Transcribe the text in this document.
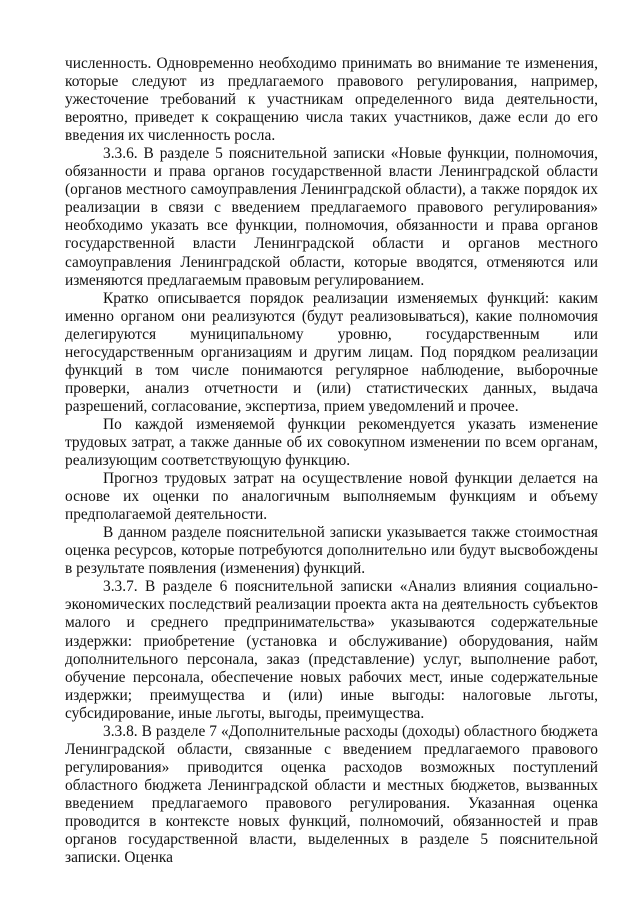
численность. Одновременно необходимо принимать во внимание те изменения, которые следуют из предлагаемого правового регулирования, например, ужесточение требований к участникам определенного вида деятельности, вероятно, приведет к сокращению числа таких участников, даже если до его введения их численность росла.

3.3.6. В разделе 5 пояснительной записки «Новые функции, полномочия, обязанности и права органов государственной власти Ленинградской области (органов местного самоуправления Ленинградской области), а также порядок их реализации в связи с введением предлагаемого правового регулирования» необходимо указать все функции, полномочия, обязанности и права органов государственной власти Ленинградской области и органов местного самоуправления Ленинградской области, которые вводятся, отменяются или изменяются предлагаемым правовым регулированием.

Кратко описывается порядок реализации изменяемых функций: каким именно органом они реализуются (будут реализовываться), какие полномочия делегируются муниципальному уровню, государственным или негосударственным организациям и другим лицам. Под порядком реализации функций в том числе понимаются регулярное наблюдение, выборочные проверки, анализ отчетности и (или) статистических данных, выдача разрешений, согласование, экспертиза, прием уведомлений и прочее.

По каждой изменяемой функции рекомендуется указать изменение трудовых затрат, а также данные об их совокупном изменении по всем органам, реализующим соответствующую функцию.

Прогноз трудовых затрат на осуществление новой функции делается на основе их оценки по аналогичным выполняемым функциям и объему предполагаемой деятельности.

В данном разделе пояснительной записки указывается также стоимостная оценка ресурсов, которые потребуются дополнительно или будут высвобождены в результате появления (изменения) функций.

3.3.7. В разделе 6 пояснительной записки «Анализ влияния социально-экономических последствий реализации проекта акта на деятельность субъектов малого и среднего предпринимательства» указываются содержательные издержки: приобретение (установка и обслуживание) оборудования, найм дополнительного персонала, заказ (представление) услуг, выполнение работ, обучение персонала, обеспечение новых рабочих мест, иные содержательные издержки; преимущества и (или) иные выгоды: налоговые льготы, субсидирование, иные льготы, выгоды, преимущества.

3.3.8. В разделе 7 «Дополнительные расходы (доходы) областного бюджета Ленинградской области, связанные с введением предлагаемого правового регулирования» приводится оценка расходов возможных поступлений областного бюджета Ленинградской области и местных бюджетов, вызванных введением предлагаемого правового регулирования. Указанная оценка проводится в контексте новых функций, полномочий, обязанностей и прав органов государственной власти, выделенных в разделе 5 пояснительной записки. Оценка
